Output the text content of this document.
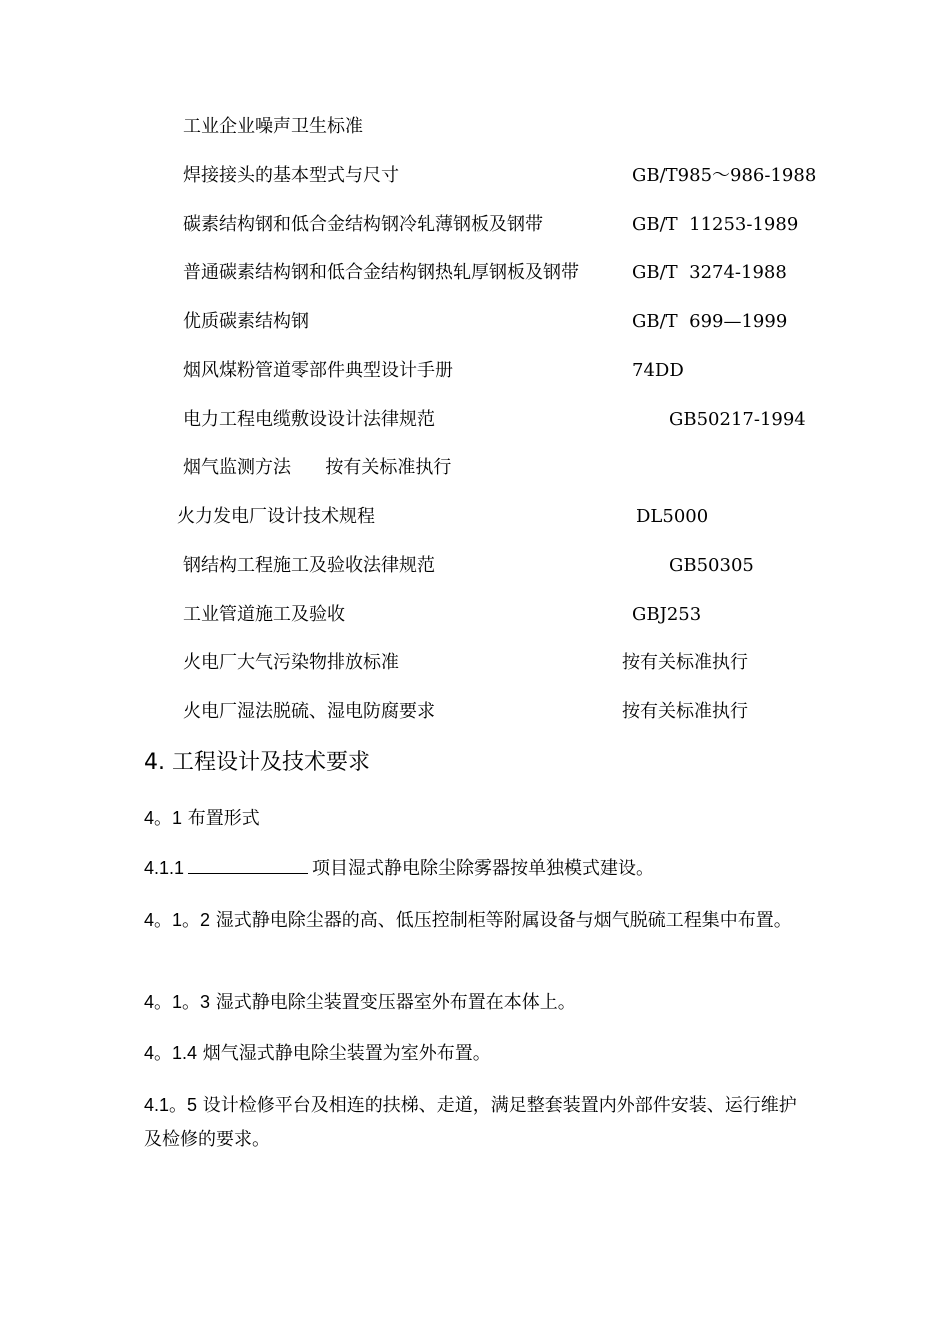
工业企业噪声卫生标准
焊接接头的基本型式与尺寸	GB/T985～986-1988
碳素结构钢和低合金结构钢冷轧薄钢板及钢带	GB/T  11253-1989
普通碳素结构钢和低合金结构钢热轧厚钢板及钢带	GB/T  3274-1988
优质碳素结构钢	GB/T  699—1999
烟风煤粉管道零部件典型设计手册	74DD
电力工程电缆敷设设计法律规范	GB50217-1994
烟气监测方法      按有关标准执行
火力发电厂设计技术规程	DL5000
钢结构工程施工及验收法律规范	GB50305
工业管道施工及验收	GBJ253
火电厂大气污染物排放标准	按有关标准执行
火电厂湿法脱硫、湿电防腐要求	按有关标准执行
4. 工程设计及技术要求
4。1 布置形式
4.1.1	项目湿式静电除尘除雾器按单独模式建设。
4。1。2 湿式静电除尘器的高、低压控制柜等附属设备与烟气脱硫工程集中布置。
4。1。3 湿式静电除尘装置变压器室外布置在本体上。
4。1.4 烟气湿式静电除尘装置为室外布置。
4.1。5 设计检修平台及相连的扶梯、走道，满足整套装置内外部件安装、运行维护及检修的要求。
